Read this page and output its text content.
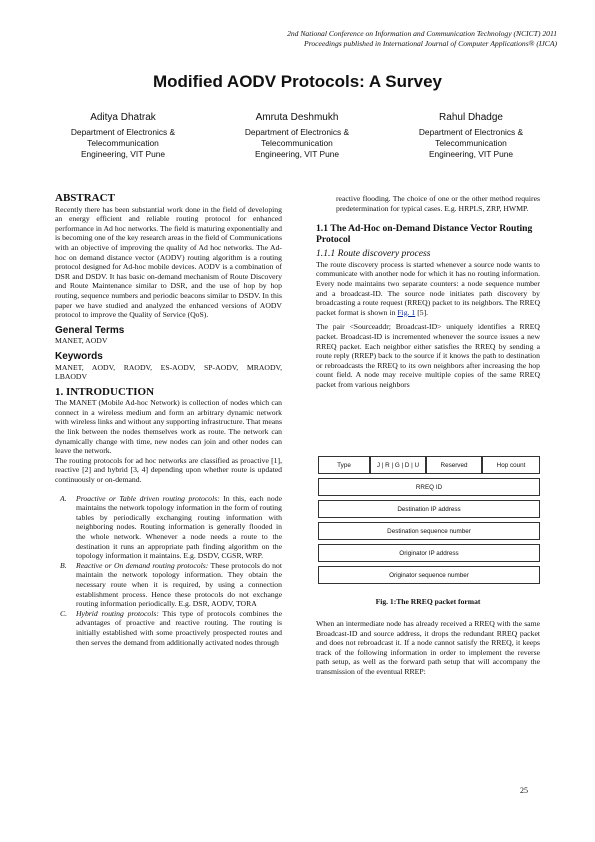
2nd National Conference on Information and Communication Technology (NCICT) 2011
Proceedings published in International Journal of Computer Applications® (IJCA)
Modified AODV Protocols: A Survey
Aditya Dhatrak
Department of Electronics &
Telecommunication
Engineering, VIT Pune
Amruta Deshmukh
Department of Electronics &
Telecommunication
Engineering, VIT Pune
Rahul Dhadge
Department of Electronics &
Telecommunication
Engineering, VIT Pune
ABSTRACT

Recently there has been substantial work done in the field of developing an energy efficient and reliable routing protocol for enhanced performance in Ad hoc networks. The field is maturing exponentially and is becoming one of the key research areas in the field of Communications with an objective of improving the quality of Ad hoc networks. The Ad-hoc on demand distance vector (AODV) routing algorithm is a routing protocol designed for Ad-hoc mobile devices. AODV is a combination of DSR and DSDV. It has basic on-demand mechanism of Route Discovery and Route Maintenance similar to DSR, and the use of hop by hop routing, sequence numbers and periodic beacons similar to DSDV. In this paper we have studied and analyzed the enhanced versions of AODV protocol to improve the Quality of Service (QoS).

General Terms

MANET, AODV

Keywords

MANET, AODV, RAODV, ES-AODV, SP-AODV, MRAODV, LBAODV

1. INTRODUCTION

The MANET (Mobile Ad-hoc Network) is collection of nodes which can connect in a wireless medium and form an arbitrary dynamic network with wireless links and without any supporting infrastructure. That means the link between the nodes themselves work as route. The network can dynamically change with time, new nodes can join and other nodes can leave the network.

The routing protocols for ad hoc networks are classified as proactive [1], reactive [2] and hybrid [3, 4] depending upon whether route is updated continuously or on-demand.

A. Proactive or Table driven routing protocols: In this, each node maintains the network topology information in the form of routing tables by periodically exchanging routing information with neighboring nodes. Routing information is generally flooded in the whole network. Whenever a node needs a route to the destination it runs an appropriate path finding algorithm on the topology information it maintains. E.g. DSDV, CGSR, WRP.
B. Reactive or On demand routing protocols: These protocols do not maintain the network topology information. They obtain the necessary route when it is required, by using a connection establishment process. Hence these protocols do not exchange routing information periodically. E.g. DSR, AODV, TORA
C. Hybrid routing protocols: This type of protocols combines the advantages of proactive and reactive routing. The routing is initially established with some proactively prospected routes and then serves the demand from additionally activated nodes through

reactive flooding. The choice of one or the other method requires predetermination for typical cases. E.g. HRPLS, ZRP, HWMP.

1.1 The Ad-Hoc on-Demand Distance Vector Routing Protocol
1.1.1 Route discovery process

The route discovery process is started whenever a source node wants to communicate with another node for which it has no routing information. Every node maintains two separate counters: a node sequence number and a broadcast-ID. The source node initiates path discovery by broadcasting a route request (RREQ) packet to its neighbors. The RREQ packet format is shown in Fig. 1 [5].

The pair <Sourceaddr; Broadcast-ID> uniquely identifies a RREQ packet. Broadcast-ID is incremented whenever the source issues a new RREQ packet. Each neighbor either satisfies the RREQ by sending a route reply (RREP) back to the source if it knows the path to destination or rebroadcasts the RREQ to its own neighbors after increasing the hop count field. A node may receive multiple copies of the same RREQ packet from various neighbors

Type	J | R | G | D | U	Reserved	Hop count
RREQ ID
Destination IP address
Destination sequence number
Originator IP address
Originator sequence number
Fig. 1:The RREQ packet format

When an intermediate node has already received a RREQ with the same Broadcast-ID and source address, it drops the redundant RREQ packet and does not rebroadcast it. If a node cannot satisfy the RREQ, it keeps track of the following information in order to implement the reverse path setup, as well as the forward path setup that will accompany the transmission of the eventual RREP:

25
